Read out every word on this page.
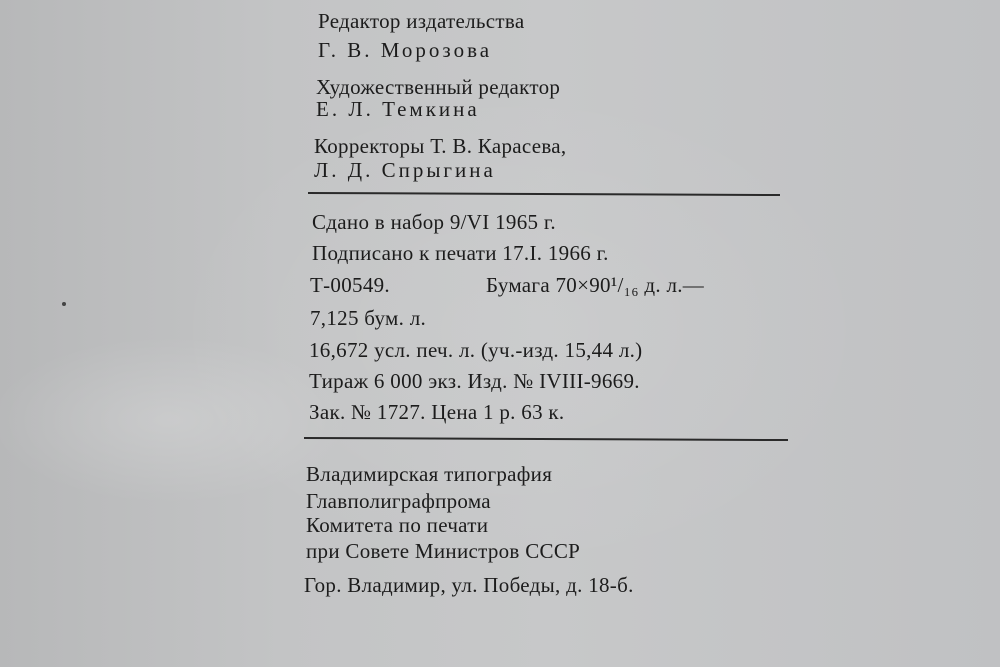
Редактор издательства
Г. В. Морозова
Художественный редактор
Е. Л. Темкина
Корректоры Т. В. Карасева,
Л. Д. Спрыгина
Сдано в набор 9/VI 1965 г.
Подписано к печати 17.I. 1966 г.
Т-00549.	Бумага 70×90¹/₁₆ д. л.—
7,125 бум. л.
16,672 усл. печ. л. (уч.-изд. 15,44 л.)
Тираж 6 000 экз. Изд. № IVIII-9669.
Зак. № 1727. Цена 1 р. 63 к.
Владимирская типография
Главполиграфпрома
Комитета по печати
при Совете Министров СССР
Гор. Владимир, ул. Победы, д. 18-б.
